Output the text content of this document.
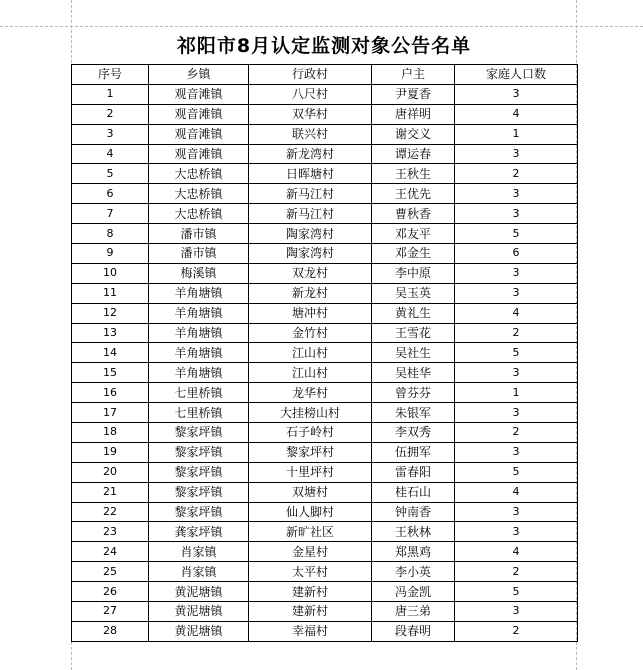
祁阳市8月认定监测对象公告名单
序号	乡镇	行政村	户主	家庭人口数
1	观音滩镇	八尺村	尹夏香	3
2	观音滩镇	双华村	唐祥明	4
3	观音滩镇	联兴村	谢交义	1
4	观音滩镇	新龙湾村	谭运春	3
5	大忠桥镇	日晖塘村	王秋生	2
6	大忠桥镇	新马江村	王优先	3
7	大忠桥镇	新马江村	曹秋香	3
8	潘市镇	陶家湾村	邓友平	5
9	潘市镇	陶家湾村	邓金生	6
10	梅溪镇	双龙村	李中原	3
11	羊角塘镇	新龙村	吴玉英	3
12	羊角塘镇	塘冲村	黄礼生	4
13	羊角塘镇	金竹村	王雪花	2
14	羊角塘镇	江山村	吴社生	5
15	羊角塘镇	江山村	吴桂华	3
16	七里桥镇	龙华村	曾芬芬	1
17	七里桥镇	大挂榜山村	朱银军	3
18	黎家坪镇	石子岭村	李双秀	2
19	黎家坪镇	黎家坪村	伍拥军	3
20	黎家坪镇	十里坪村	雷春阳	5
21	黎家坪镇	双塘村	桂石山	4
22	黎家坪镇	仙人脚村	钟南香	3
23	龚家坪镇	新旷社区	王秋林	3
24	肖家镇	金星村	郑黑鸡	4
25	肖家镇	太平村	李小英	2
26	黄泥塘镇	建新村	冯金凯	5
27	黄泥塘镇	建新村	唐三弟	3
28	黄泥塘镇	幸福村	段春明	2
